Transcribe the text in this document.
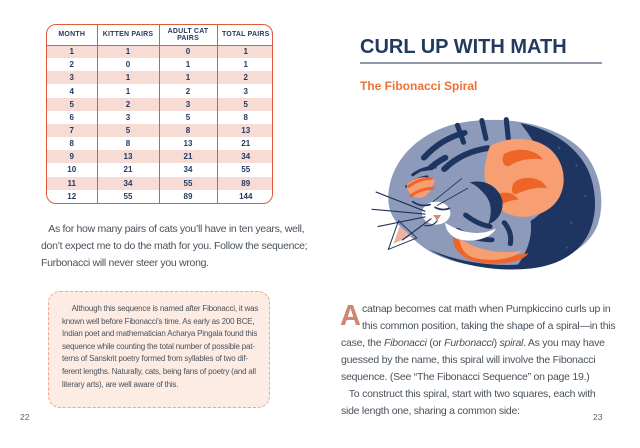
MONTH	KITTEN PAIRS	ADULT CAT PAIRS	TOTAL PAIRS
1	1	0	1
2	0	1	1
3	1	1	2
4	1	2	3
5	2	3	5
6	3	5	8
7	5	8	13
8	8	13	21
9	13	21	34
10	21	34	55
11	34	55	89
12	55	89	144
As for how many pairs of cats you’ll have in ten years, well,
don’t expect me to do the math for you. Follow the sequence;
Furbonacci will never steer you wrong.
Although this sequence is named after Fibonacci, it was
known well before Fibonacci’s time. As early as 200 BCE,
Indian poet and mathematician Acharya Pingala found this
sequence while counting the total number of possible pat-
terns of Sanskrit poetry formed from syllables of two dif-
ferent lengths. Naturally, cats, being fans of poetry (and all
literary arts), are well aware of this.
22
CURL UP WITH MATH
The Fibonacci Spiral
A catnap becomes cat math when Pumpkiccino curls up in
this common position, taking the shape of a spiral—in this
case, the Fibonacci (or Furbonacci) spiral. As you may have
guessed by the name, this spiral will involve the Fibonacci
sequence. (See “The Fibonacci Sequence” on page 19.)
To construct this spiral, start with two squares, each with
side length one, sharing a common side:	23
